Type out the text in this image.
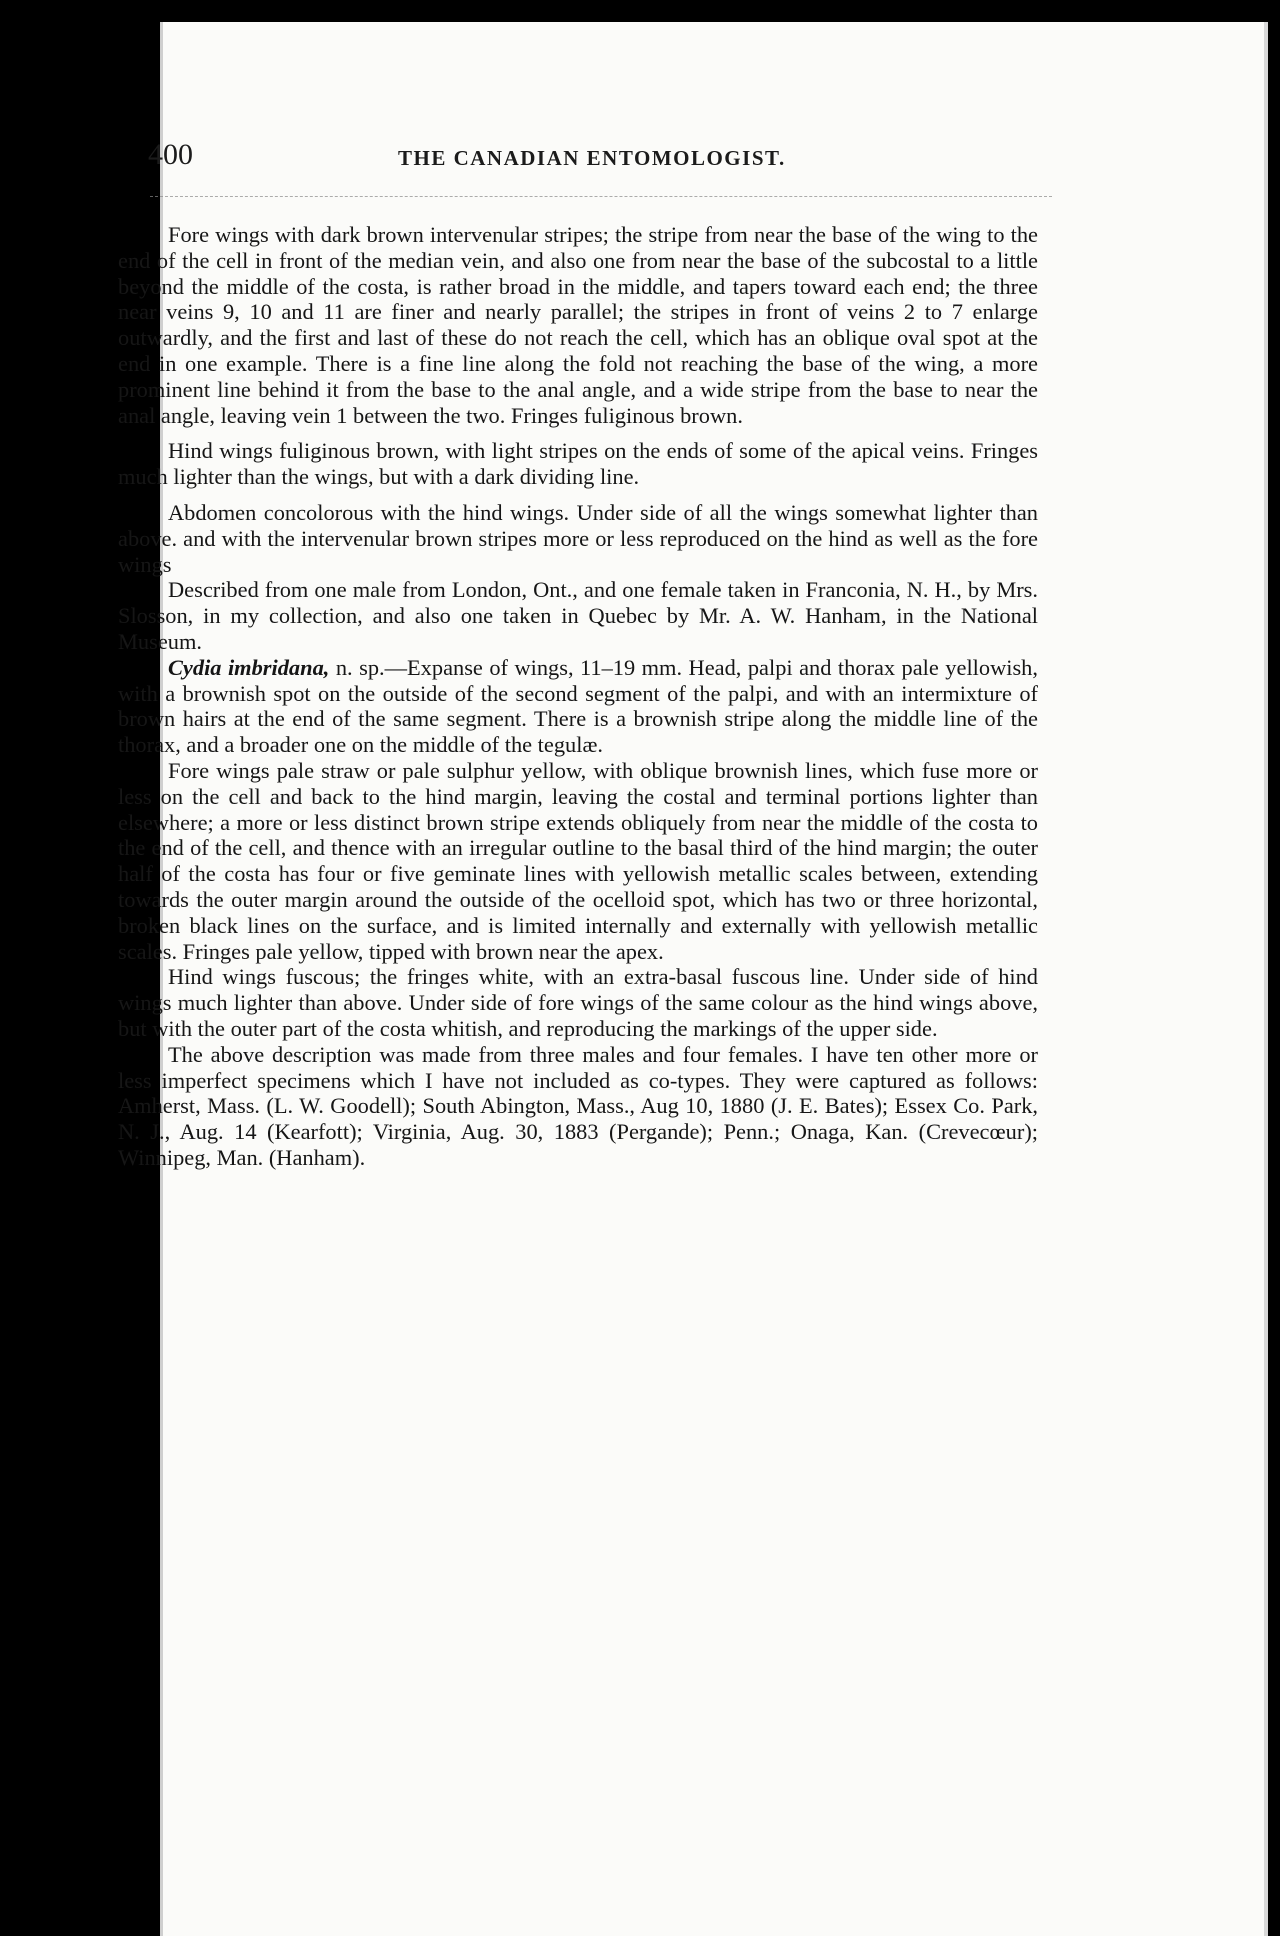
400	THE CANADIAN ENTOMOLOGIST.

Fore wings with dark brown intervenular stripes; the stripe from near the base of the wing to the end of the cell in front of the median vein, and also one from near the base of the subcostal to a little beyond the middle of the costa, is rather broad in the middle, and tapers toward each end; the three near veins 9, 10 and 11 are finer and nearly parallel; the stripes in front of veins 2 to 7 enlarge outwardly, and the first and last of these do not reach the cell, which has an oblique oval spot at the end in one example. There is a fine line along the fold not reaching the base of the wing, a more prominent line behind it from the base to the anal angle, and a wide stripe from the base to near the anal angle, leaving vein 1 between the two. Fringes fuliginous brown.

Hind wings fuliginous brown, with light stripes on the ends of some of the apical veins. Fringes much lighter than the wings, but with a dark dividing line.

Abdomen concolorous with the hind wings. Under side of all the wings somewhat lighter than above. and with the intervenular brown stripes more or less reproduced on the hind as well as the fore wings

Described from one male from London, Ont., and one female taken in Franconia, N. H., by Mrs. Slosson, in my collection, and also one taken in Quebec by Mr. A. W. Hanham, in the National Museum.

Cydia imbridana, n. sp.—Expanse of wings, 11–19 mm. Head, palpi and thorax pale yellowish, with a brownish spot on the outside of the second segment of the palpi, and with an intermixture of brown hairs at the end of the same segment. There is a brownish stripe along the middle line of the thorax, and a broader one on the middle of the tegulæ.

Fore wings pale straw or pale sulphur yellow, with oblique brownish lines, which fuse more or less on the cell and back to the hind margin, leaving the costal and terminal portions lighter than elsewhere; a more or less distinct brown stripe extends obliquely from near the middle of the costa to the end of the cell, and thence with an irregular outline to the basal third of the hind margin; the outer half of the costa has four or five geminate lines with yellowish metallic scales between, extending towards the outer margin around the outside of the ocelloid spot, which has two or three horizontal, broken black lines on the surface, and is limited internally and externally with yellowish metallic scales. Fringes pale yellow, tipped with brown near the apex.

Hind wings fuscous; the fringes white, with an extra-basal fuscous line. Under side of hind wings much lighter than above. Under side of fore wings of the same colour as the hind wings above, but with the outer part of the costa whitish, and reproducing the markings of the upper side.

The above description was made from three males and four females. I have ten other more or less imperfect specimens which I have not included as co-types. They were captured as follows: Amherst, Mass. (L. W. Goodell); South Abington, Mass., Aug 10, 1880 (J. E. Bates); Essex Co. Park, N. J., Aug. 14 (Kearfott); Virginia, Aug. 30, 1883 (Pergande); Penn.; Onaga, Kan. (Crevecœur); Winnipeg, Man. (Hanham).
